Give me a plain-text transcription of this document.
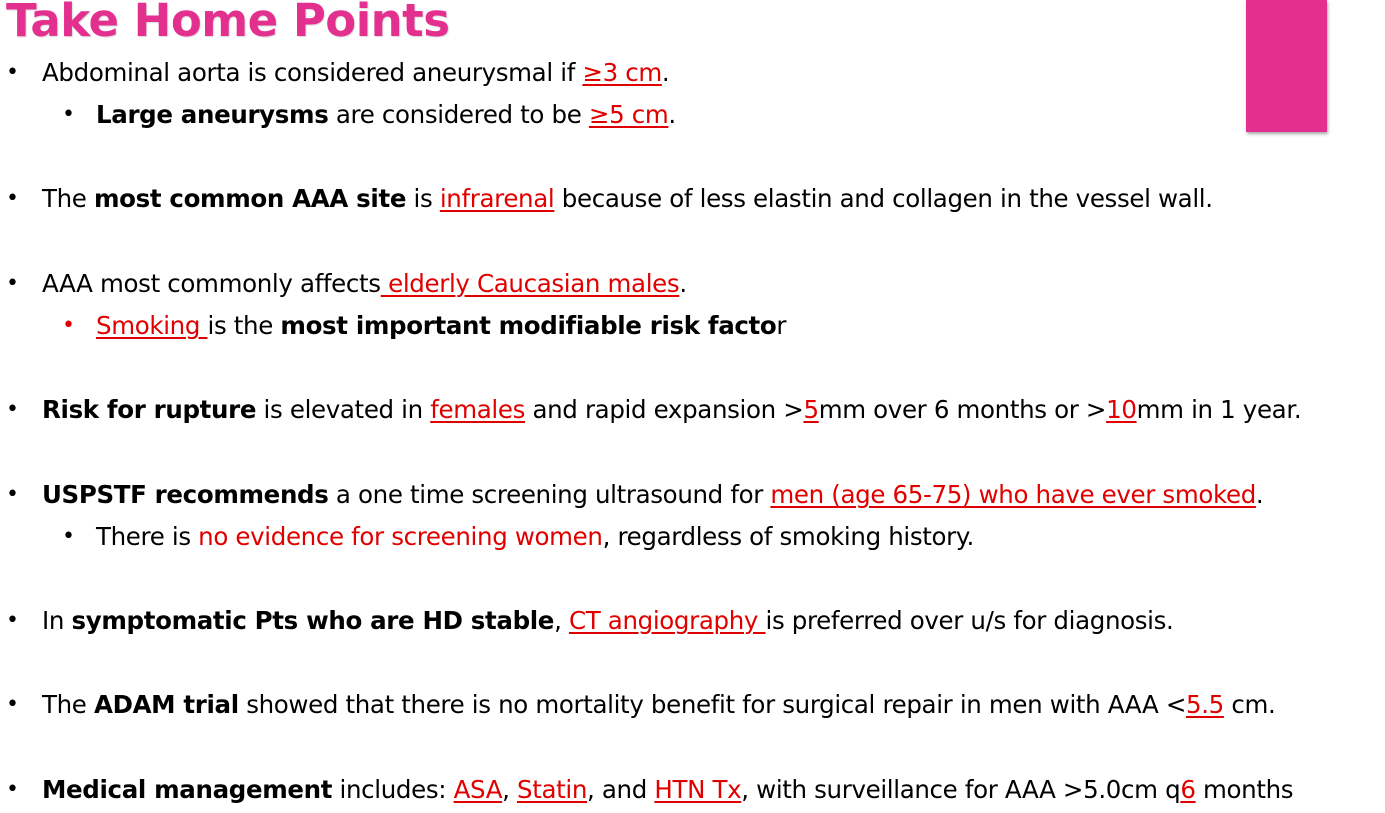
Take Home Points
• Abdominal aorta is considered aneurysmal if ≥3 cm.
• Large aneurysms are considered to be ≥5 cm.
• The most common AAA site is infrarenal because of less elastin and collagen in the vessel wall.
• AAA most commonly affects elderly Caucasian males.
• Smoking is the most important modifiable risk factor
• Risk for rupture is elevated in females and rapid expansion >5mm over 6 months or >10mm in 1 year.
• USPSTF recommends a one time screening ultrasound for men (age 65-75) who have ever smoked.
• There is no evidence for screening women, regardless of smoking history.
• In symptomatic Pts who are HD stable, CT angiography is preferred over u/s for diagnosis.
• The ADAM trial showed that there is no mortality benefit for surgical repair in men with AAA <5.5 cm.
• Medical management includes: ASA, Statin, and HTN Tx, with surveillance for AAA >5.0cm q6 months
